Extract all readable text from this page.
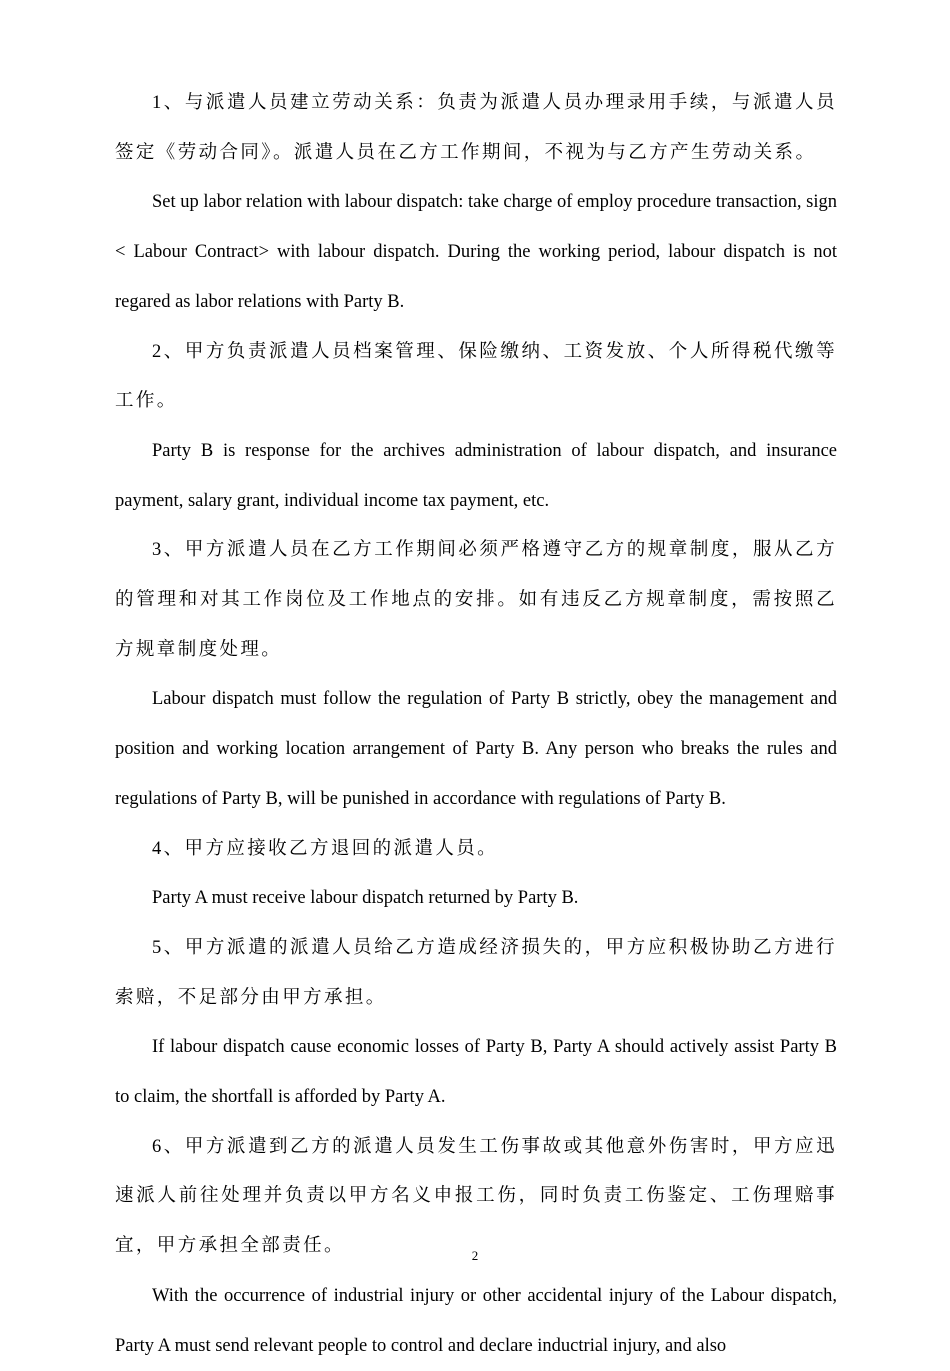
1、与派遣人员建立劳动关系：负责为派遣人员办理录用手续，与派遣人员签定《劳动合同》。派遣人员在乙方工作期间，不视为与乙方产生劳动关系。

Set up labor relation with labour dispatch: take charge of employ procedure transaction, sign < Labour Contract> with labour dispatch. During the working period, labour dispatch is not regared as labor relations with Party B.

2、甲方负责派遣人员档案管理、保险缴纳、工资发放、个人所得税代缴等工作。

Party B is response for the archives administration of labour dispatch, and insurance payment, salary grant, individual income tax payment, etc.

3、甲方派遣人员在乙方工作期间必须严格遵守乙方的规章制度，服从乙方的管理和对其工作岗位及工作地点的安排。如有违反乙方规章制度，需按照乙方规章制度处理。

Labour dispatch must follow the regulation of Party B strictly, obey the management and position and working location arrangement of Party B. Any person who breaks the rules and regulations of Party B, will be punished in accordance with regulations of Party B.

4、甲方应接收乙方退回的派遣人员。

Party A must receive labour dispatch returned by Party B.

5、甲方派遣的派遣人员给乙方造成经济损失的，甲方应积极协助乙方进行索赔，不足部分由甲方承担。

If labour dispatch cause economic losses of Party B, Party A should actively assist Party B to claim, the shortfall is afforded by Party A.

6、甲方派遣到乙方的派遣人员发生工伤事故或其他意外伤害时，甲方应迅速派人前往处理并负责以甲方名义申报工伤，同时负责工伤鉴定、工伤理赔事宜，甲方承担全部责任。

With the occurrence of industrial injury or other accidental injury of the Labour dispatch, Party A must send relevant people to control and declare inductrial injury, and also

2
